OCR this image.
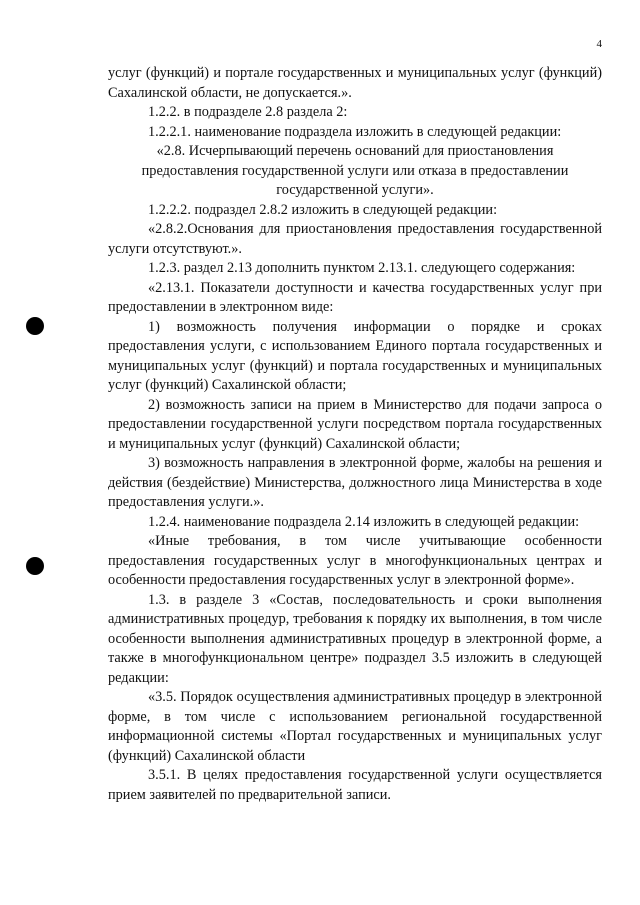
4

услуг (функций) и портале государственных и муниципальных услуг (функций) Сахалинской области, не допускается.».

1.2.2. в подразделе 2.8 раздела 2:

1.2.2.1. наименование подраздела изложить в следующей редакции:

«2.8. Исчерпывающий перечень оснований для приостановления предоставления государственной услуги или отказа в предоставлении государственной услуги».

1.2.2.2. подраздел 2.8.2 изложить в следующей редакции:

«2.8.2.Основания для приостановления предоставления государственной услуги отсутствуют.».

1.2.3. раздел 2.13 дополнить пунктом 2.13.1. следующего содержания:

«2.13.1. Показатели доступности и качества государственных услуг при предоставлении в электронном виде:

1) возможность получения информации о порядке и сроках предоставления услуги, с использованием Единого портала государственных и муниципальных услуг (функций) и портала государственных и муниципальных услуг (функций) Сахалинской области;

2) возможность записи на прием в Министерство для подачи запроса о предоставлении государственной услуги посредством портала государственных и муниципальных услуг (функций) Сахалинской области;

3) возможность направления в электронной форме, жалобы на решения и действия (бездействие) Министерства, должностного лица Министерства в ходе предоставления услуги.».

1.2.4. наименование подраздела 2.14 изложить в следующей редакции:

«Иные требования, в том числе учитывающие особенности предоставления государственных услуг в многофункциональных центрах и особенности предоставления государственных услуг в электронной форме».

1.3. в разделе 3 «Состав, последовательность и сроки выполнения административных процедур, требования к порядку их выполнения, в том числе особенности выполнения административных процедур в электронной форме, а также в многофункциональном центре» подраздел 3.5 изложить в следующей редакции:

«3.5. Порядок осуществления административных процедур в электронной форме, в том числе с использованием региональной государственной информационной системы «Портал государственных и муниципальных услуг (функций) Сахалинской области

3.5.1. В целях предоставления государственной услуги осуществляется прием заявителей по предварительной записи.
